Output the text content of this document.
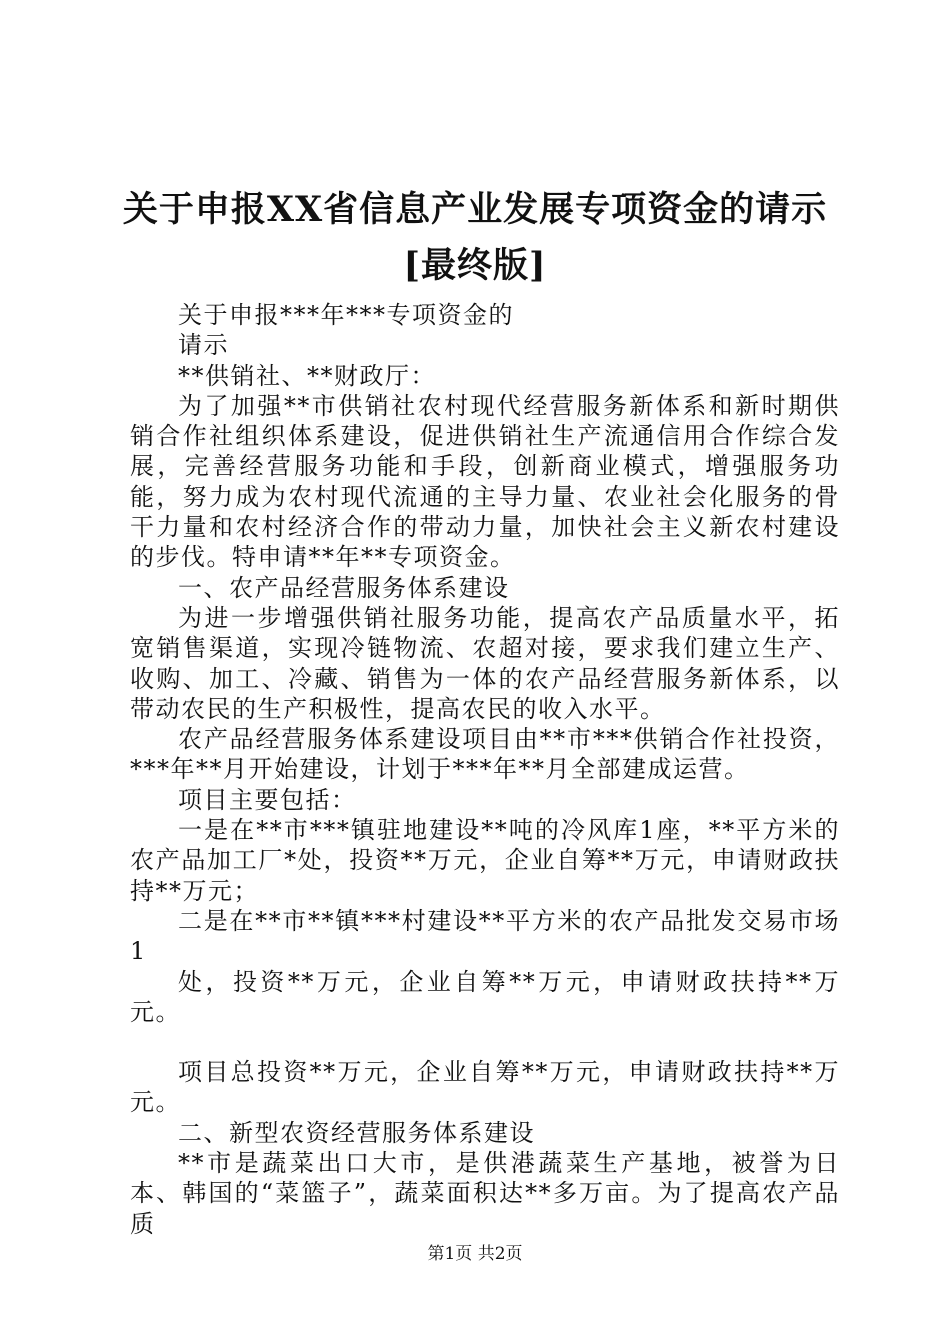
关于申报XX省信息产业发展专项资金的请示
[最终版]

关于申报***年***专项资金的

请示

**供销社、**财政厅：

为了加强**市供销社农村现代经营服务新体系和新时期供销合作社组织体系建设，促进供销社生产流通信用合作综合发展，完善经营服务功能和手段，创新商业模式，增强服务功能，努力成为农村现代流通的主导力量、农业社会化服务的骨干力量和农村经济合作的带动力量，加快社会主义新农村建设的步伐。特申请**年**专项资金。

一、农产品经营服务体系建设

为进一步增强供销社服务功能，提高农产品质量水平，拓宽销售渠道，实现冷链物流、农超对接，要求我们建立生产、收购、加工、冷藏、销售为一体的农产品经营服务新体系，以带动农民的生产积极性，提高农民的收入水平。

农产品经营服务体系建设项目由**市***供销合作社投资，***年**月开始建设，计划于***年**月全部建成运营。

项目主要包括：

一是在**市***镇驻地建设**吨的冷风库1座，**平方米的农产品加工厂*处，投资**万元，企业自筹**万元，申请财政扶持**万元；

二是在**市**镇***村建设**平方米的农产品批发交易市场1

处，投资**万元，企业自筹**万元，申请财政扶持**万元。

项目总投资**万元，企业自筹**万元，申请财政扶持**万元。

二、新型农资经营服务体系建设

**市是蔬菜出口大市，是供港蔬菜生产基地，被誉为日本、韩国的“菜篮子”，蔬菜面积达**多万亩。为了提高农产品质

第1页 共2页
